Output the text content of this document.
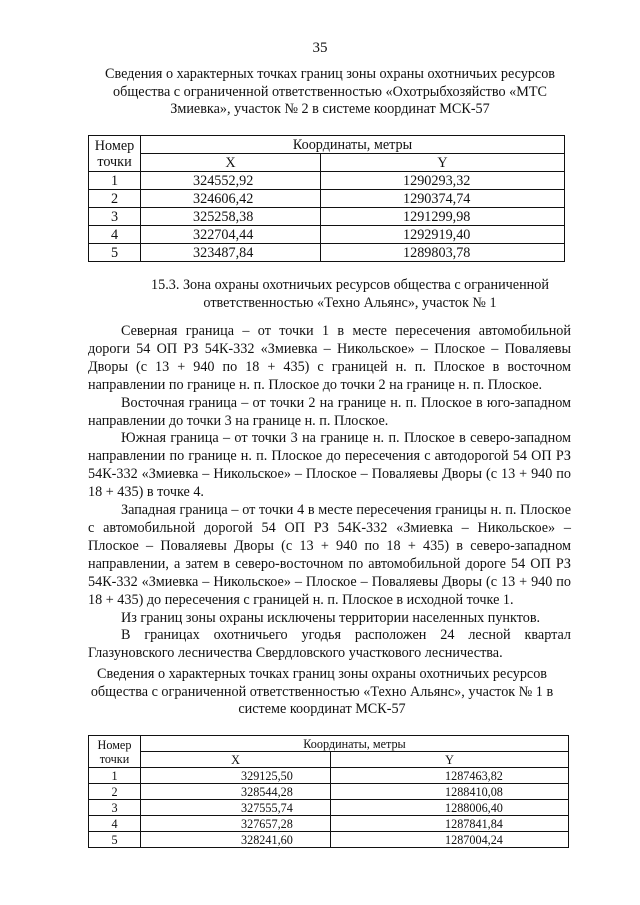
35
Сведения о характерных точках границ зоны охраны охотничьих ресурсов общества с ограниченной ответственностью «Охотрыбхозяйство «МТС Змиевка», участок № 2 в системе координат МСК-57
Номер
точки	Координаты, метры	
	X	Y
1	324552,92	1290293,32
2	324606,42	1290374,74
3	325258,38	1291299,98
4	322704,44	1292919,40
5	323487,84	1289803,78
15.3. Зона охраны охотничьих ресурсов общества с ограниченной ответственностью «Техно Альянс», участок № 1

Северная граница – от точки 1 в месте пересечения автомобильной дороги 54 ОП РЗ 54К-332 «Змиевка – Никольское» – Плоское – Поваляевы Дворы (с 13 + 940 по 18 + 435) с границей н. п. Плоское в восточном направлении по границе н. п. Плоское до точки 2 на границе н. п. Плоское.

Восточная граница – от точки 2 на границе н. п. Плоское в юго-западном направлении до точки 3 на границе н. п. Плоское.

Южная граница – от точки 3 на границе н. п. Плоское в северо-западном направлении по границе н. п. Плоское до пересечения с автодорогой 54 ОП РЗ 54К-332 «Змиевка – Никольское» – Плоское – Поваляевы Дворы (с 13 + 940 по 18 + 435) в точке 4.

Западная граница – от точки 4 в месте пересечения границы н. п. Плоское с автомобильной дорогой 54 ОП РЗ 54К-332 «Змиевка – Никольское» – Плоское – Поваляевы Дворы (с 13 + 940 по 18 + 435) в северо-западном направлении, а затем в северо-восточном по автомобильной дороге 54 ОП РЗ 54К-332 «Змиевка – Никольское» – Плоское – Поваляевы Дворы (с 13 + 940 по 18 + 435) до пересечения с границей н. п. Плоское в исходной точке 1.

Из границ зоны охраны исключены территории населенных пунктов.

В границах охотничьего угодья расположен 24 лесной квартал Глазуновского лесничества Свердловского участкового лесничества.

Сведения о характерных точках границ зоны охраны охотничьих ресурсов общества с ограниченной ответственностью «Техно Альянс», участок № 1 в системе координат МСК-57
Номер
точки	Координаты, метры	
	X	Y
1	329125,50	1287463,82
2	328544,28	1288410,08
3	327555,74	1288006,40
4	327657,28	1287841,84
5	328241,60	1287004,24
